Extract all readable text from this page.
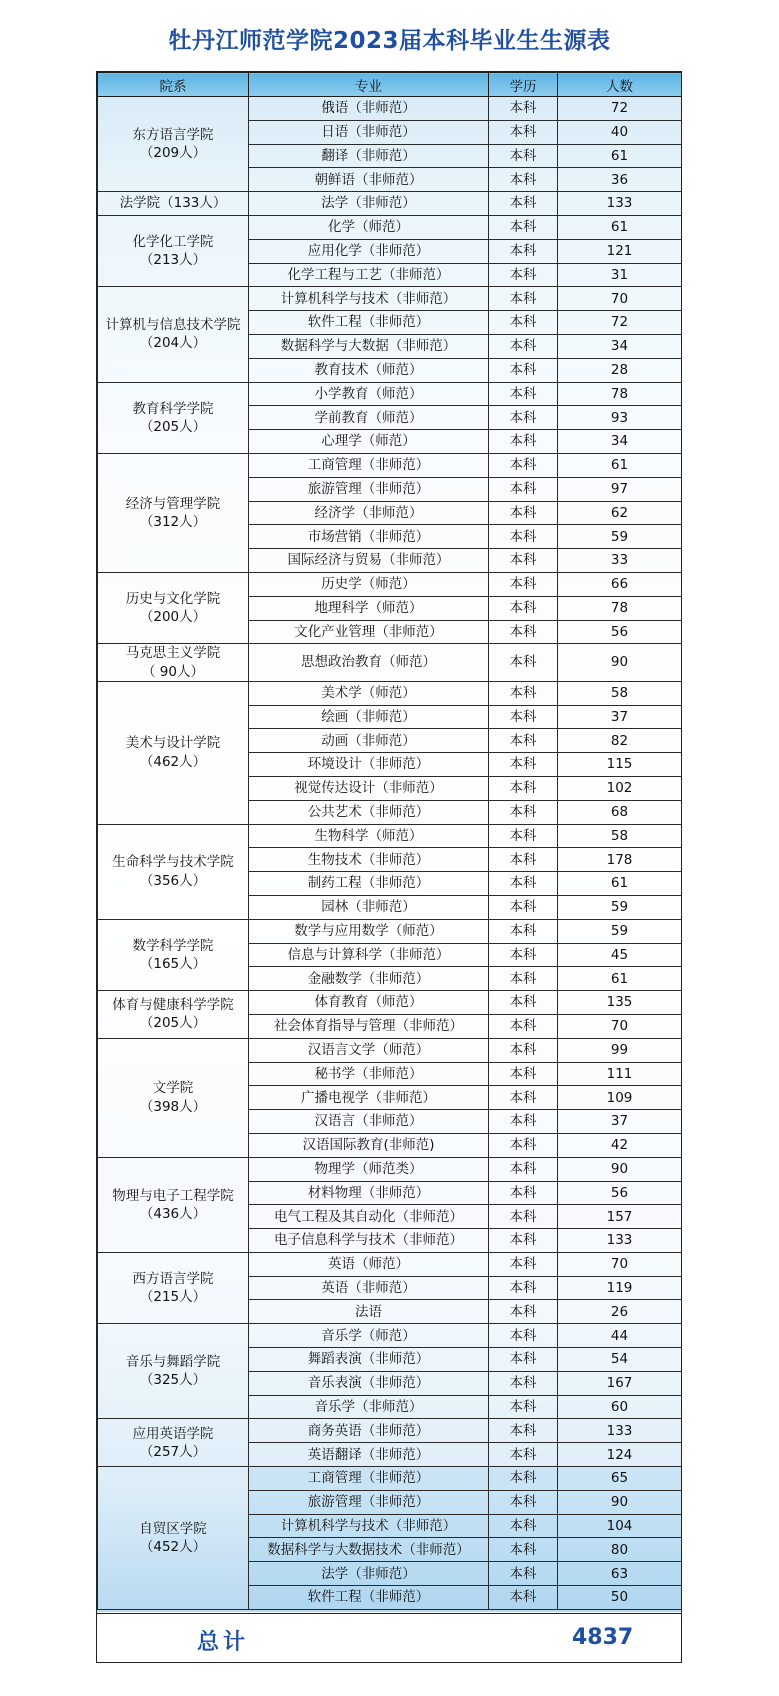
牡丹江师范学院2023届本科毕业生生源表
院系	专业	学历	人数

东方语言学院
（209人）	俄语（非师范）	本科	72
	日语（非师范）	本科	40
	翻译（非师范）	本科	61
	朝鲜语（非师范）	本科	36

法学院（133人）	法学（非师范）	本科	133

化学化工学院
（213人）	化学（师范）	本科	61
	应用化学（非师范）	本科	121
	化学工程与工艺（非师范）	本科	31

计算机与信息技术学院
（204人）	计算机科学与技术（非师范）	本科	70
	软件工程（非师范）	本科	72
	数据科学与大数据（非师范）	本科	34
	教育技术（师范）	本科	28

教育科学学院
（205人）	小学教育（师范）	本科	78
	学前教育（师范）	本科	93
	心理学（师范）	本科	34

经济与管理学院
（312人）	工商管理（非师范）	本科	61
	旅游管理（非师范）	本科	97
	经济学（非师范）	本科	62
	市场营销（非师范）	本科	59
	国际经济与贸易（非师范）	本科	33

历史与文化学院
（200人）	历史学（师范）	本科	66
	地理科学（师范）	本科	78
	文化产业管理（非师范）	本科	56

马克思主义学院
（ 90人）	思想政治教育（师范）	本科	90

美术与设计学院
（462人）	美术学（师范）	本科	58
	绘画（非师范）	本科	37
	动画（非师范）	本科	82
	环境设计（非师范）	本科	115
	视觉传达设计（非师范）	本科	102
	公共艺术（非师范）	本科	68

生命科学与技术学院
（356人）	生物科学（师范）	本科	58
	生物技术（非师范）	本科	178
	制药工程（非师范）	本科	61
	园林（非师范）	本科	59

数学科学学院
（165人）	数学与应用数学（师范）	本科	59
	信息与计算科学（非师范）	本科	45
	金融数学（非师范）	本科	61

体育与健康科学学院
（205人）	体育教育（师范）	本科	135
	社会体育指导与管理（非师范）	本科	70

文学院
（398人）	汉语言文学（师范）	本科	99
	秘书学（非师范）	本科	111
	广播电视学（非师范）	本科	109
	汉语言（非师范）	本科	37
	汉语国际教育(非师范)	本科	42

物理与电子工程学院
（436人）	物理学（师范类）	本科	90
	材料物理（非师范）	本科	56
	电气工程及其自动化（非师范）	本科	157
	电子信息科学与技术（非师范）	本科	133

西方语言学院
（215人）	英语（师范）	本科	70
	英语（非师范）	本科	119
	法语	本科	26

音乐与舞蹈学院
（325人）	音乐学（师范）	本科	44
	舞蹈表演（非师范）	本科	54
	音乐表演（非师范）	本科	167
	音乐学（非师范）	本科	60

应用英语学院
（257人）	商务英语（非师范）	本科	133
	英语翻译（非师范）	本科	124

自贸区学院
（452人）	工商管理（非师范）	本科	65
	旅游管理（非师范）	本科	90
	计算机科学与技术（非师范）	本科	104
	数据科学与大数据技术（非师范）	本科	80
	法学（非师范）	本科	63
	软件工程（非师范）	本科	50
总计	4837
